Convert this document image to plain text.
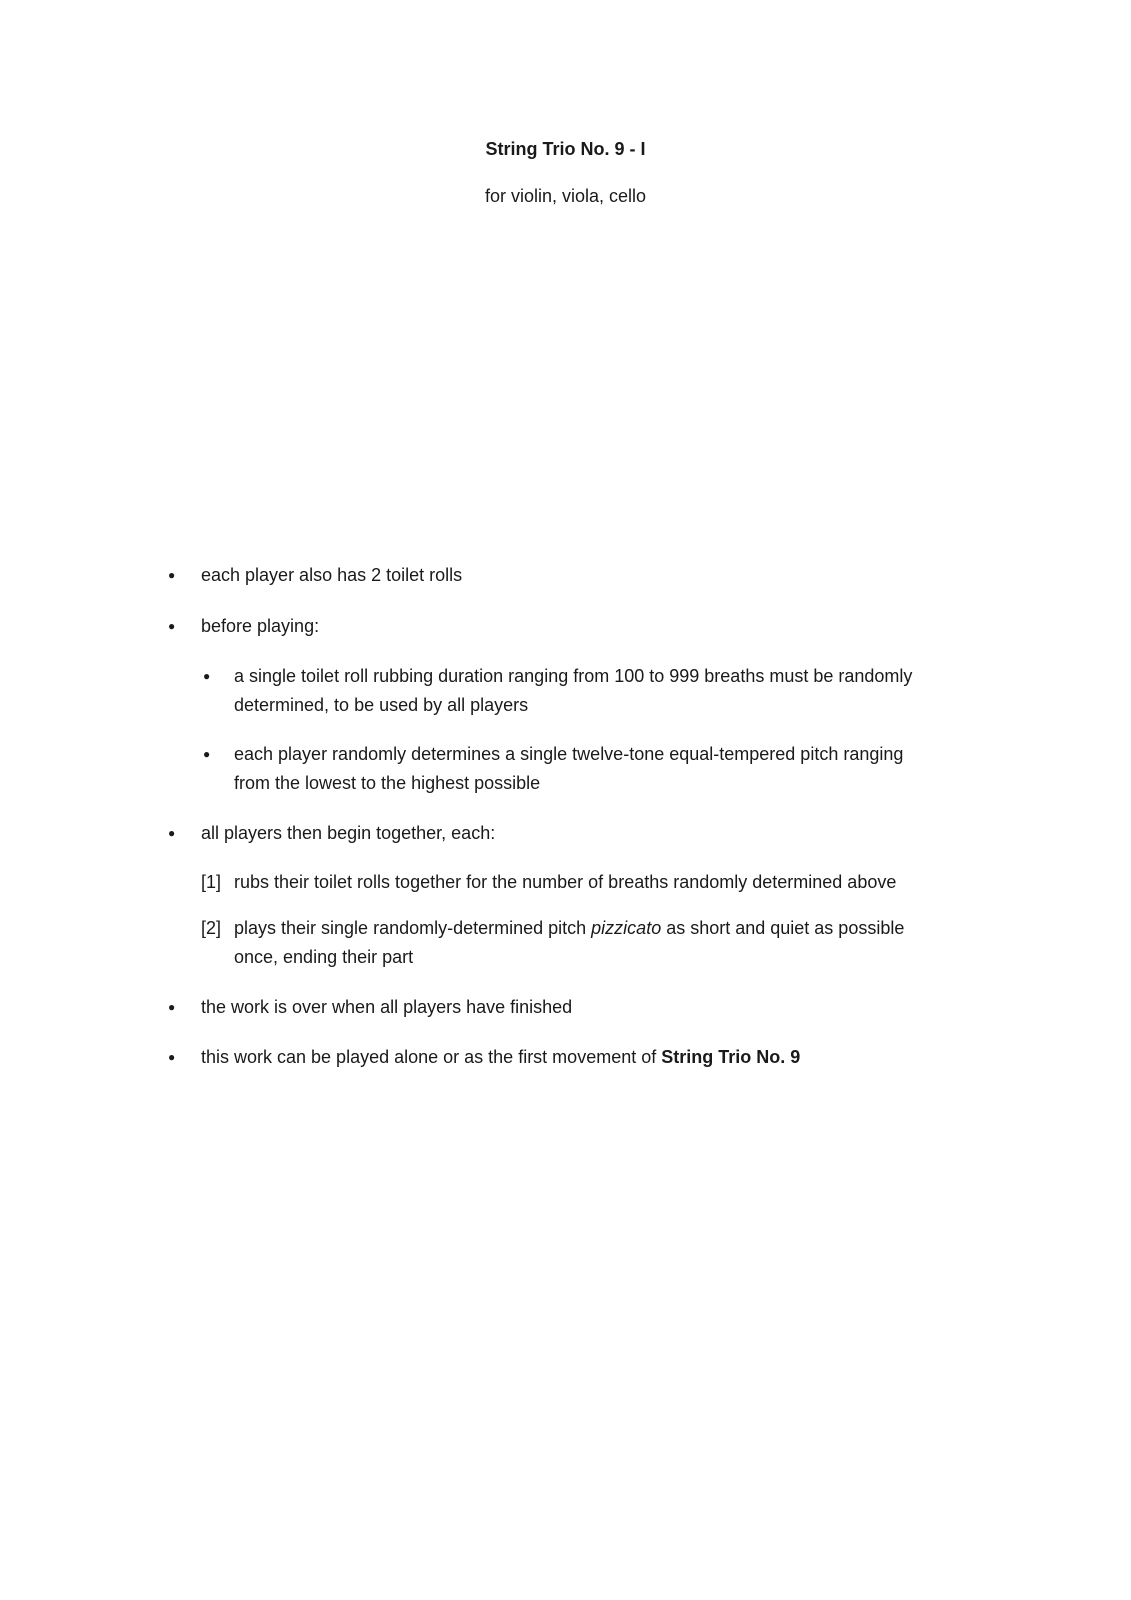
String Trio No. 9 - I
for violin, viola, cello
● each player also has 2 toilet rolls
● before playing:
● a single toilet roll rubbing duration ranging from 100 to 999 breaths must be randomly
determined, to be used by all players
● each player randomly determines a single twelve-tone equal-tempered pitch ranging
from the lowest to the highest possible
● all players then begin together, each:
[1] rubs their toilet rolls together for the number of breaths randomly determined above
[2] plays their single randomly-determined pitch pizzicato as short and quiet as possible
once, ending their part
● the work is over when all players have finished
● this work can be played alone or as the first movement of String Trio No. 9
